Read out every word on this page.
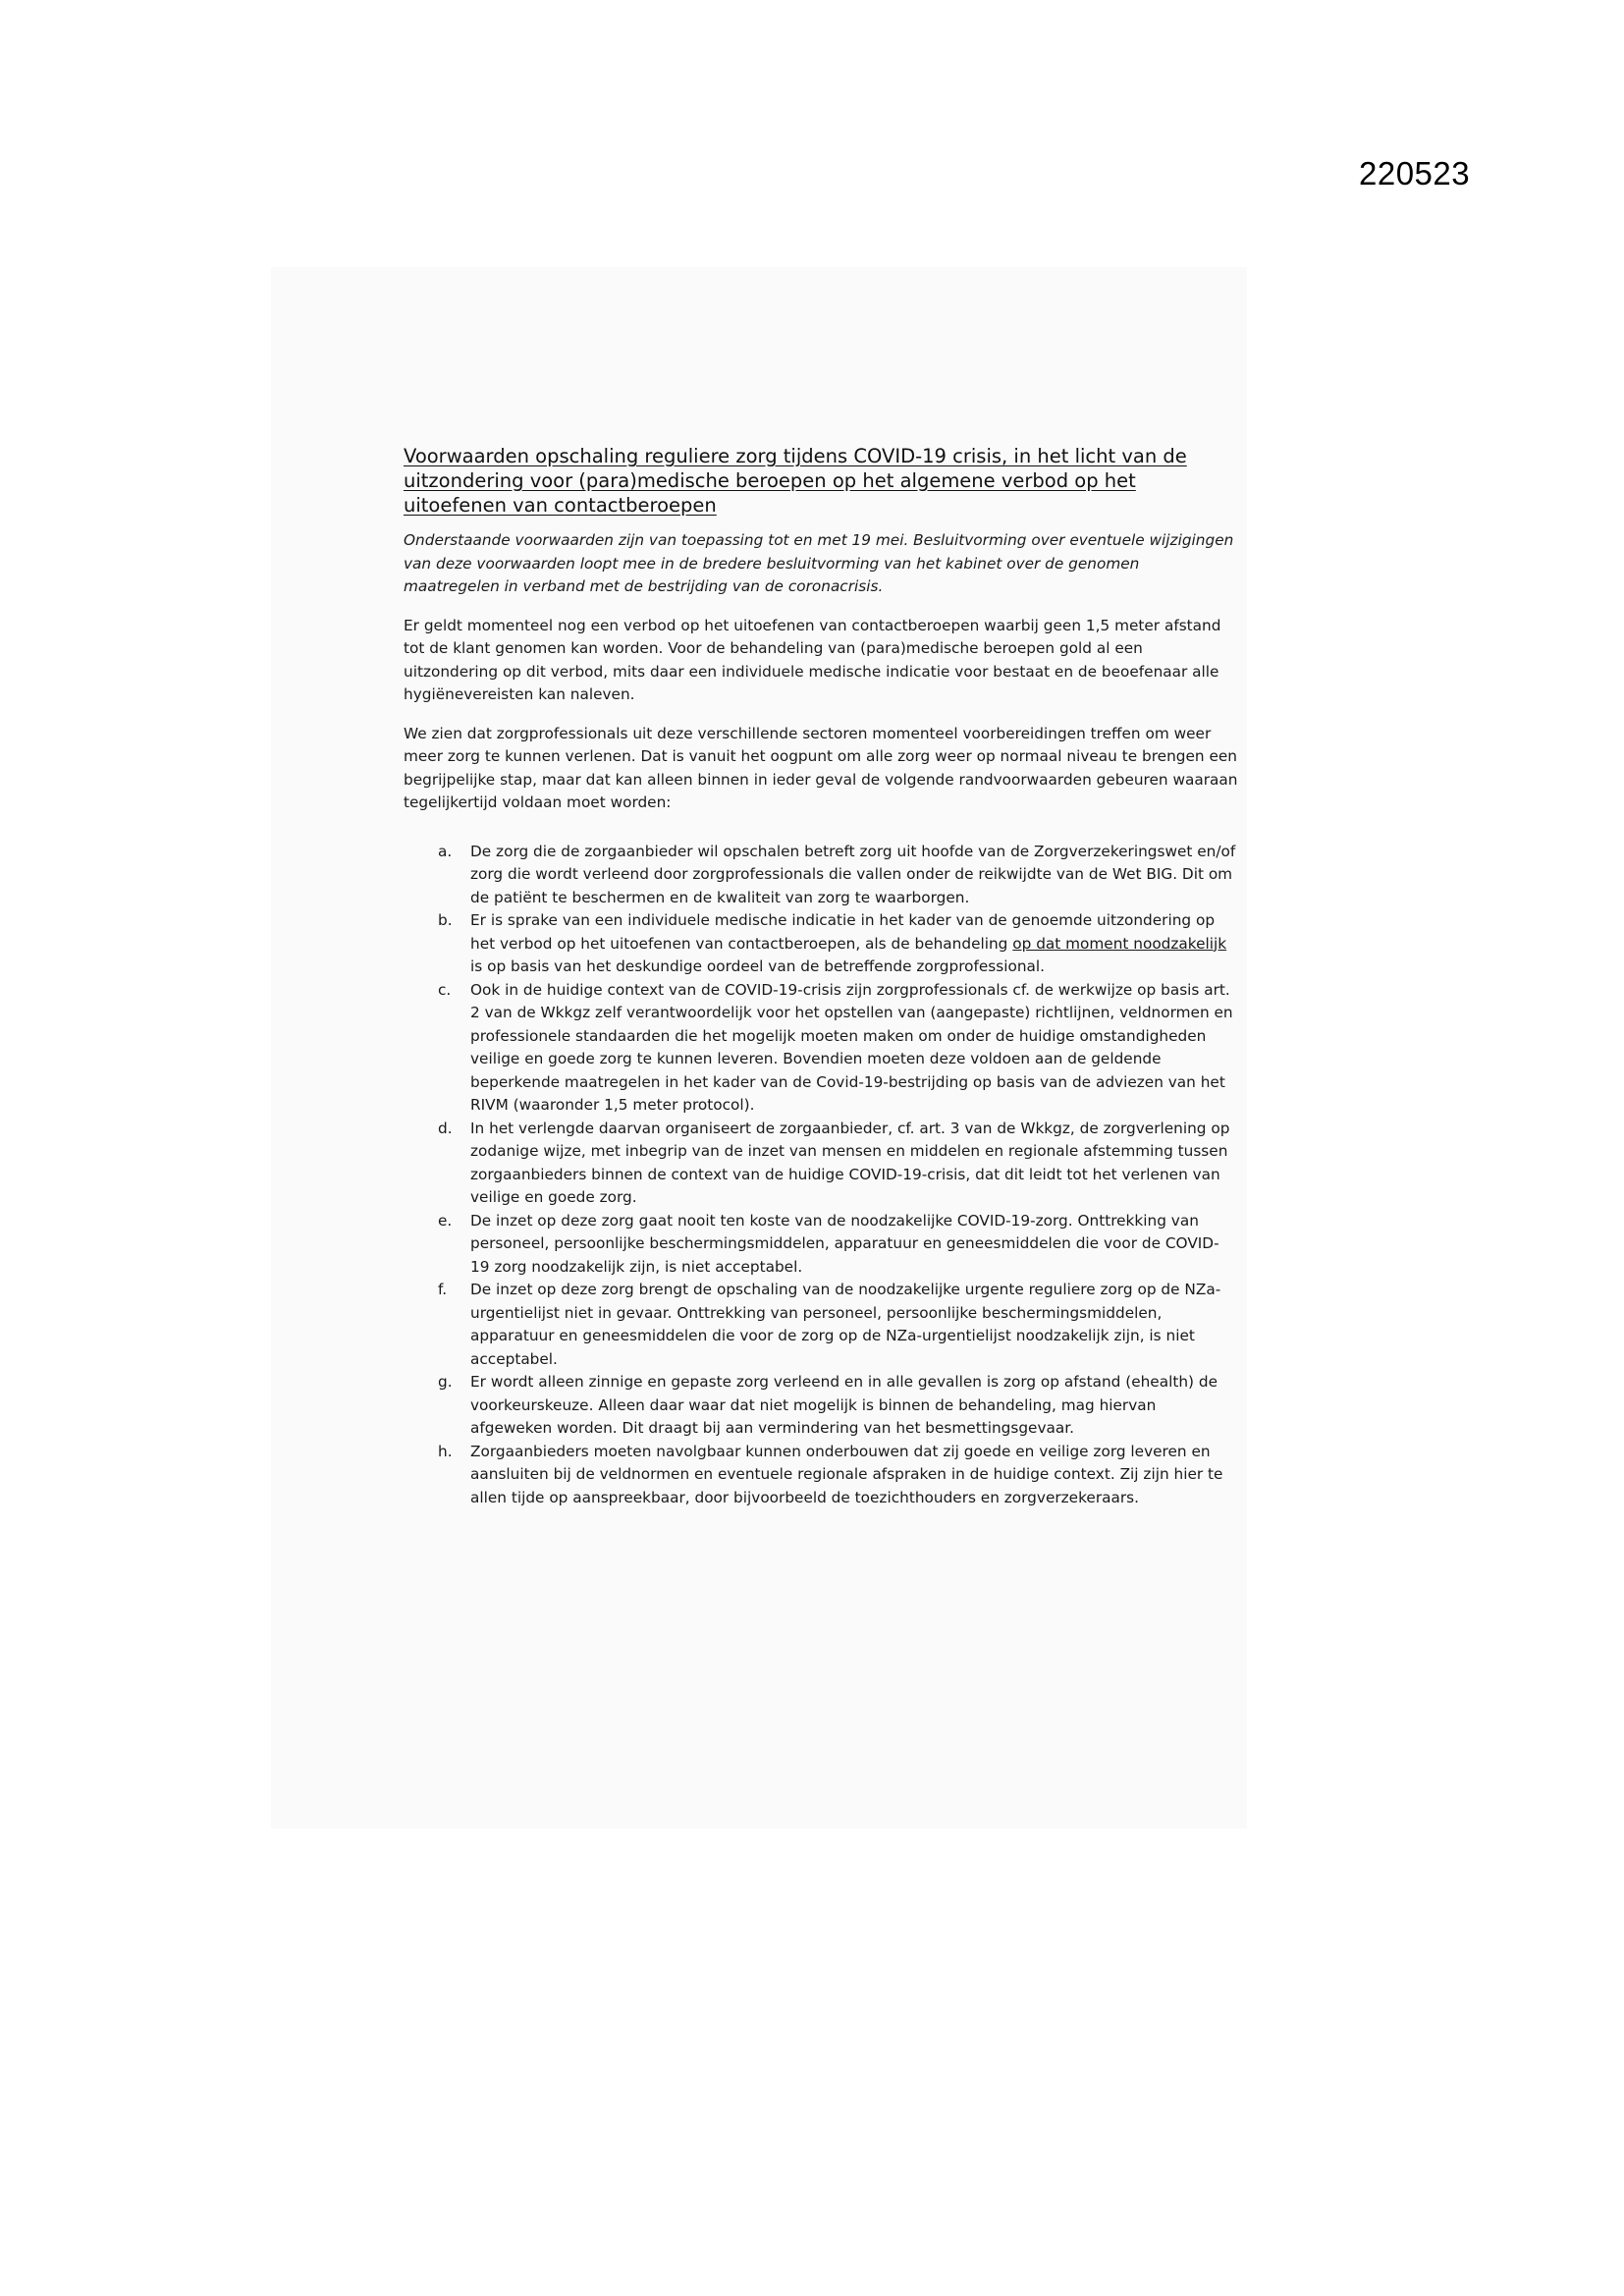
220523
Voorwaarden opschaling reguliere zorg tijdens COVID-19 crisis, in het licht van de uitzondering voor (para)medische beroepen op het algemene verbod op het uitoefenen van contactberoepen

Onderstaande voorwaarden zijn van toepassing tot en met 19 mei. Besluitvorming over eventuele wijzigingen van deze voorwaarden loopt mee in de bredere besluitvorming van het kabinet over de genomen maatregelen in verband met de bestrijding van de coronacrisis.

Er geldt momenteel nog een verbod op het uitoefenen van contactberoepen waarbij geen 1,5 meter afstand tot de klant genomen kan worden. Voor de behandeling van (para)medische beroepen gold al een uitzondering op dit verbod, mits daar een individuele medische indicatie voor bestaat en de beoefenaar alle hygiënevereisten kan naleven.

We zien dat zorgprofessionals uit deze verschillende sectoren momenteel voorbereidingen treffen om weer meer zorg te kunnen verlenen. Dat is vanuit het oogpunt om alle zorg weer op normaal niveau te brengen een begrijpelijke stap, maar dat kan alleen binnen in ieder geval de volgende randvoorwaarden gebeuren waaraan tegelijkertijd voldaan moet worden:

a.	De zorg die de zorgaanbieder wil opschalen betreft zorg uit hoofde van de Zorgverzekeringswet en/of zorg die wordt verleend door zorgprofessionals die vallen onder de reikwijdte van de Wet BIG. Dit om de patiënt te beschermen en de kwaliteit van zorg te waarborgen.
b.	Er is sprake van een individuele medische indicatie in het kader van de genoemde uitzondering op het verbod op het uitoefenen van contactberoepen, als de behandeling op dat moment noodzakelijk is op basis van het deskundige oordeel van de betreffende zorgprofessional.
c.	Ook in de huidige context van de COVID-19-crisis zijn zorgprofessionals cf. de werkwijze op basis art. 2 van de Wkkgz zelf verantwoordelijk voor het opstellen van (aangepaste) richtlijnen, veldnormen en professionele standaarden die het mogelijk moeten maken om onder de huidige omstandigheden veilige en goede zorg te kunnen leveren. Bovendien moeten deze voldoen aan de geldende beperkende maatregelen in het kader van de Covid-19-bestrijding op basis van de adviezen van het RIVM (waaronder 1,5 meter protocol).
d.	In het verlengde daarvan organiseert de zorgaanbieder, cf. art. 3 van de Wkkgz, de zorgverlening op zodanige wijze, met inbegrip van de inzet van mensen en middelen en regionale afstemming tussen zorgaanbieders binnen de context van de huidige COVID-19-crisis, dat dit leidt tot het verlenen van veilige en goede zorg.
e.	De inzet op deze zorg gaat nooit ten koste van de noodzakelijke COVID-19-zorg. Onttrekking van personeel, persoonlijke beschermingsmiddelen, apparatuur en geneesmiddelen die voor de COVID-19 zorg noodzakelijk zijn, is niet acceptabel.
f.	De inzet op deze zorg brengt de opschaling van de noodzakelijke urgente reguliere zorg op de NZa-urgentielijst niet in gevaar. Onttrekking van personeel, persoonlijke beschermingsmiddelen, apparatuur en geneesmiddelen die voor de zorg op de NZa-urgentielijst noodzakelijk zijn, is niet acceptabel.
g.	Er wordt alleen zinnige en gepaste zorg verleend en in alle gevallen is zorg op afstand (ehealth) de voorkeurskeuze. Alleen daar waar dat niet mogelijk is binnen de behandeling, mag hiervan afgeweken worden. Dit draagt bij aan vermindering van het besmettingsgevaar.
h.	Zorgaanbieders moeten navolgbaar kunnen onderbouwen dat zij goede en veilige zorg leveren en aansluiten bij de veldnormen en eventuele regionale afspraken in de huidige context. Zij zijn hier te allen tijde op aanspreekbaar, door bijvoorbeeld de toezichthouders en zorgverzekeraars.
